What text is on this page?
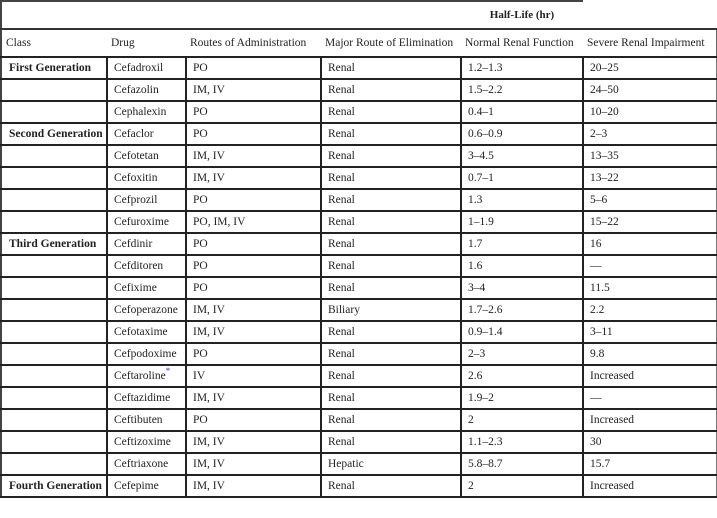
				Half-Life (hr)	
Class	Drug	Routes of Administration	Major Route of Elimination	Normal Renal Function	Severe Renal Impairment
First Generation	Cefadroxil	PO	Renal	1.2–1.3	20–25
	Cefazolin	IM, IV	Renal	1.5–2.2	24–50
	Cephalexin	PO	Renal	0.4–1	10–20
Second Generation	Cefaclor	PO	Renal	0.6–0.9	2–3
	Cefotetan	IM, IV	Renal	3–4.5	13–35
	Cefoxitin	IM, IV	Renal	0.7–1	13–22
	Cefprozil	PO	Renal	1.3	5–6
	Cefuroxime	PO, IM, IV	Renal	1–1.9	15–22
Third Generation	Cefdinir	PO	Renal	1.7	16
	Cefditoren	PO	Renal	1.6	—
	Cefixime	PO	Renal	3–4	11.5
	Cefoperazone	IM, IV	Biliary	1.7–2.6	2.2
	Cefotaxime	IM, IV	Renal	0.9–1.4	3–11
	Cefpodoxime	PO	Renal	2–3	9.8
	Ceftaroline*	IV	Renal	2.6	Increased
	Ceftazidime	IM, IV	Renal	1.9–2	—
	Ceftibuten	PO	Renal	2	Increased
	Ceftizoxime	IM, IV	Renal	1.1–2.3	30
	Ceftriaxone	IM, IV	Hepatic	5.8–8.7	15.7
Fourth Generation	Cefepime	IM, IV	Renal	2	Increased
